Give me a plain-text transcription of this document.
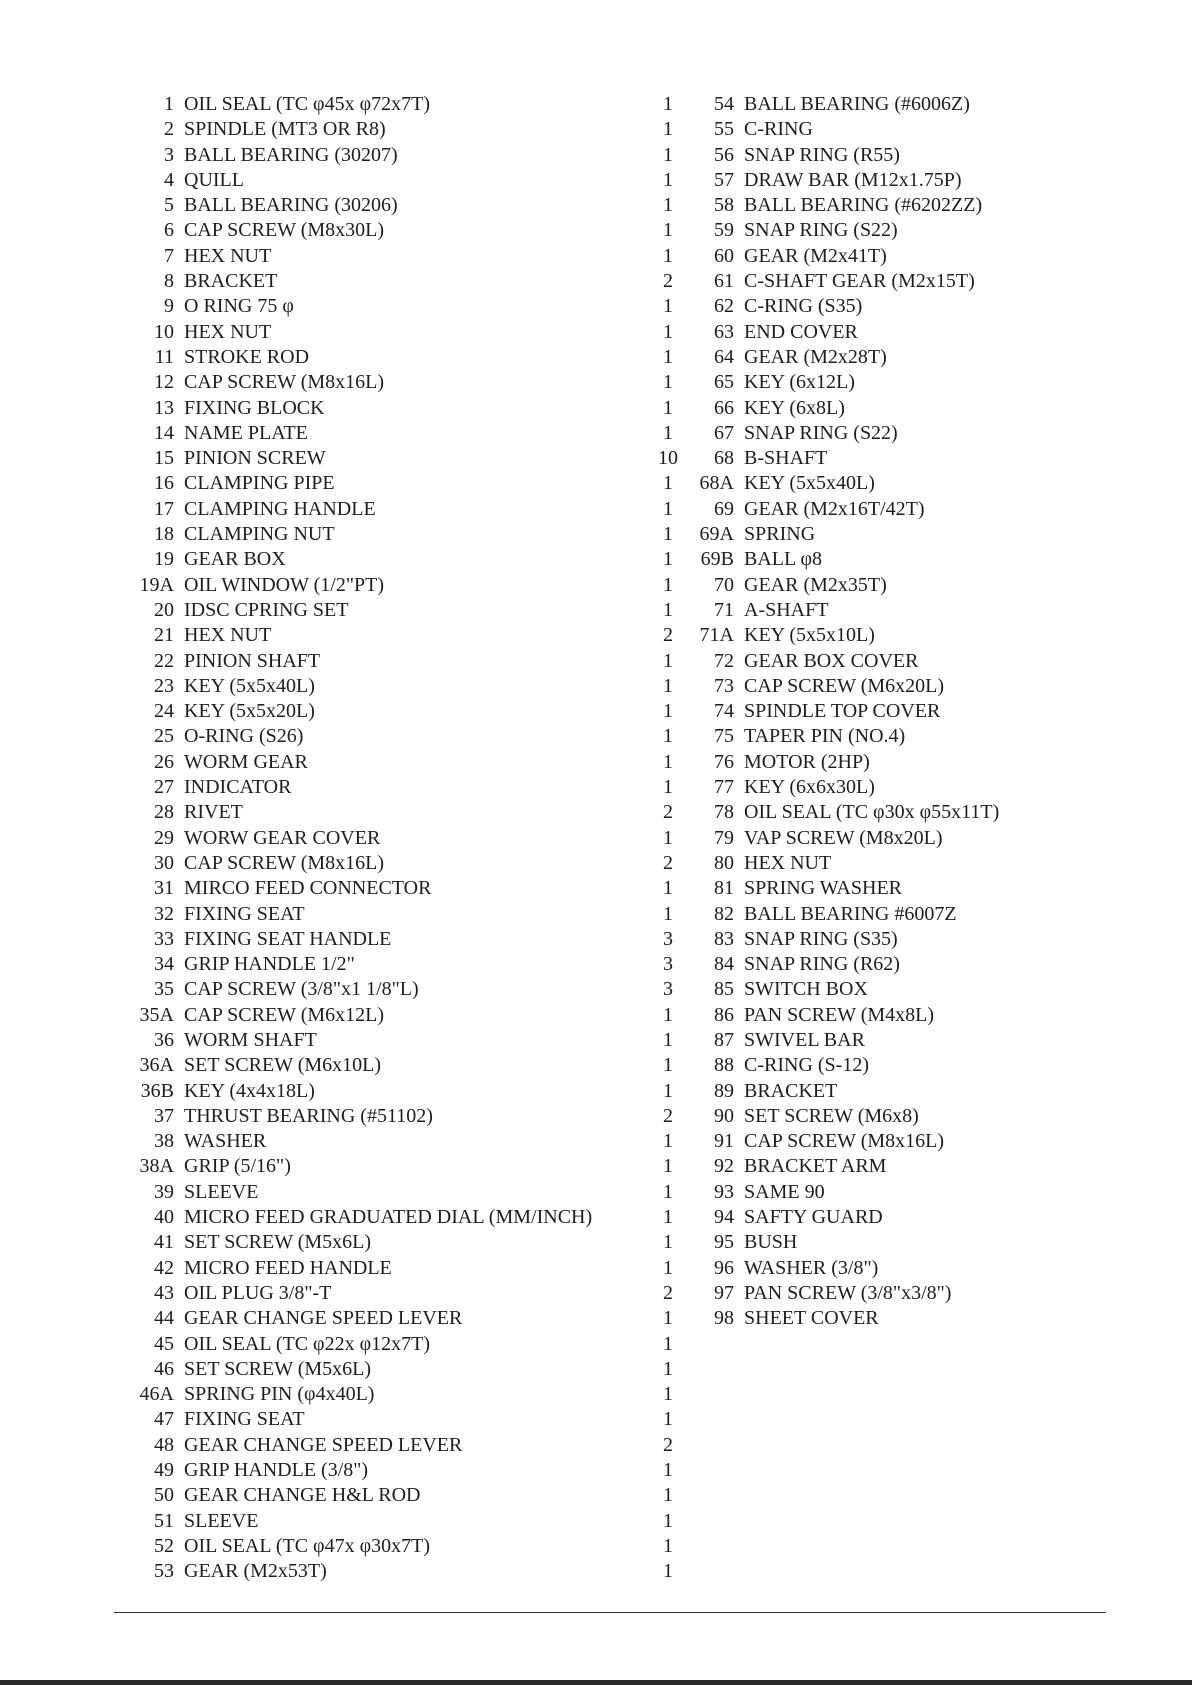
1 OIL SEAL (TC φ45x φ72x7T)	1
2 SPINDLE (MT3 OR R8)	1
3 BALL BEARING (30207)	1
4 QUILL	1
5 BALL BEARING (30206)	1
6 CAP SCREW (M8x30L)	1
7 HEX NUT	1
8 BRACKET	2
9 O RING 75 φ	1
10 HEX NUT	1
11 STROKE ROD	1
12 CAP SCREW (M8x16L)	1
13 FIXING BLOCK	1
14 NAME PLATE	1
15 PINION SCREW	10
16 CLAMPING PIPE	1
17 CLAMPING HANDLE	1
18 CLAMPING NUT	1
19 GEAR BOX	1
19A OIL WINDOW (1/2"PT)	1
20 IDSC CPRING SET	1
21 HEX NUT	2
22 PINION SHAFT	1
23 KEY (5x5x40L)	1
24 KEY (5x5x20L)	1
25 O-RING (S26)	1
26 WORM GEAR	1
27 INDICATOR	1
28 RIVET	2
29 WORW GEAR COVER	1
30 CAP SCREW (M8x16L)	2
31 MIRCO FEED CONNECTOR	1
32 FIXING SEAT	1
33 FIXING SEAT HANDLE	3
34 GRIP HANDLE 1/2"	3
35 CAP SCREW (3/8"x1 1/8"L)	3
35A CAP SCREW (M6x12L)	1
36 WORM SHAFT	1
36A SET SCREW (M6x10L)	1
36B KEY (4x4x18L)	1
37 THRUST BEARING (#51102)	2
38 WASHER	1
38A GRIP (5/16")	1
39 SLEEVE	1
40 MICRO FEED GRADUATED DIAL (MM/INCH)	1
41 SET SCREW (M5x6L)	1
42 MICRO FEED HANDLE	1
43 OIL PLUG 3/8"-T	2
44 GEAR CHANGE SPEED LEVER	1
45 OIL SEAL (TC φ22x φ12x7T)	1
46 SET SCREW (M5x6L)	1
46A SPRING PIN (φ4x40L)	1
47 FIXING SEAT	1
48 GEAR CHANGE SPEED LEVER	2
49 GRIP HANDLE (3/8")	1
50 GEAR CHANGE H&L ROD	1
51 SLEEVE	1
52 OIL SEAL (TC φ47x φ30x7T)	1
53 GEAR (M2x53T)	1
54 BALL BEARING (#6006Z)
55 C-RING
56 SNAP RING (R55)
57 DRAW BAR (M12x1.75P)
58 BALL BEARING (#6202ZZ)
59 SNAP RING (S22)
60 GEAR (M2x41T)
61 C-SHAFT GEAR (M2x15T)
62 C-RING (S35)
63 END COVER
64 GEAR (M2x28T)
65 KEY (6x12L)
66 KEY (6x8L)
67 SNAP RING (S22)
68 B-SHAFT
68A KEY (5x5x40L)
69 GEAR (M2x16T/42T)
69A SPRING
69B BALL φ8
70 GEAR (M2x35T)
71 A-SHAFT
71A KEY (5x5x10L)
72 GEAR BOX COVER
73 CAP SCREW (M6x20L)
74 SPINDLE TOP COVER
75 TAPER PIN (NO.4)
76 MOTOR (2HP)
77 KEY (6x6x30L)
78 OIL SEAL (TC φ30x φ55x11T)
79 VAP SCREW (M8x20L)
80 HEX NUT
81 SPRING WASHER
82 BALL BEARING #6007Z
83 SNAP RING (S35)
84 SNAP RING (R62)
85 SWITCH BOX
86 PAN SCREW (M4x8L)
87 SWIVEL BAR
88 C-RING (S-12)
89 BRACKET
90 SET SCREW (M6x8)
91 CAP SCREW (M8x16L)
92 BRACKET ARM
93 SAME 90
94 SAFTY GUARD
95 BUSH
96 WASHER (3/8")
97 PAN SCREW (3/8"x3/8")
98 SHEET COVER
